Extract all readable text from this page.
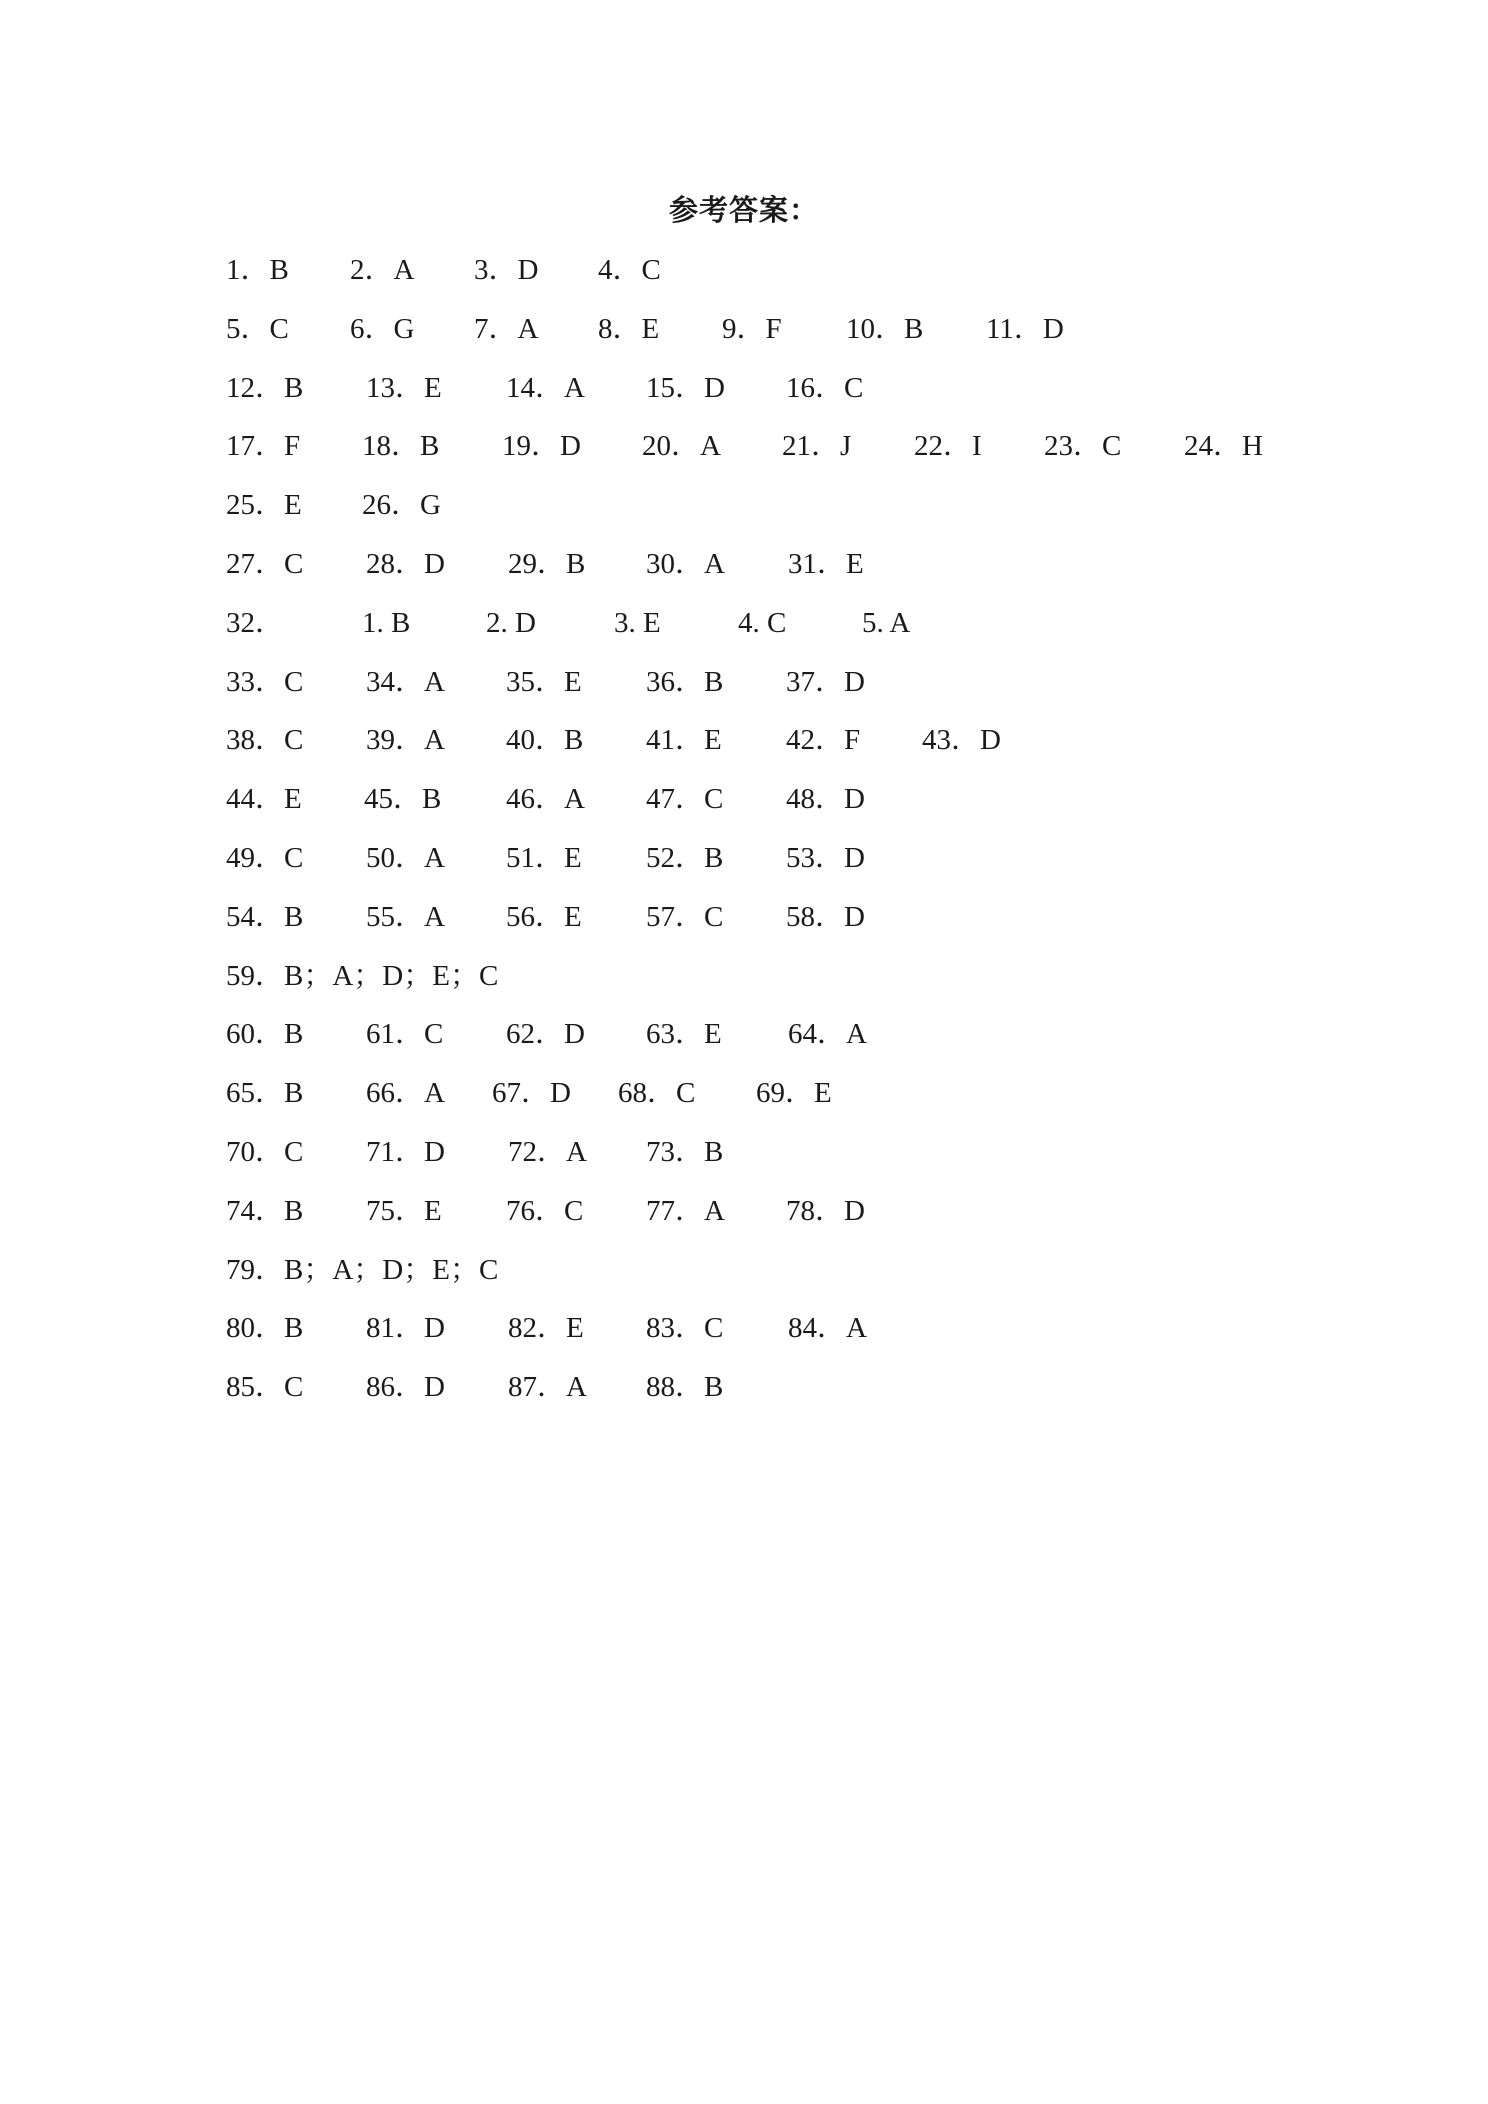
参考答案：
1．B 2．A 3．D 4．C
5．C 6．G 7．A 8．E 9．F 10．B 11．D
12．B 13．E 14．A 15．D 16．C
17．F 18．B 19．D 20．A 21．J 22．I 23．C 24．H
25．E 26．G
27．C 28．D 29．B 30．A 31．E
32．	1. B	2. D	3. E	4. C	5. A
33．C 34．A 35．E 36．B 37．D
38．C 39．A 40．B 41．E 42．F 43．D
44．E 45．B 46．A 47．C 48．D
49．C 50．A 51．E 52．B 53．D
54．B 55．A 56．E 57．C 58．D
59．B；A；D；E；C
60．B 61．C 62．D 63．E 64．A
65．B 66．A 67．D 68．C 69．E
70．C 71．D 72．A 73．B
74．B 75．E 76．C 77．A 78．D
79．B；A；D；E；C
80．B 81．D 82．E 83．C 84．A
85．C 86．D 87．A 88．B
